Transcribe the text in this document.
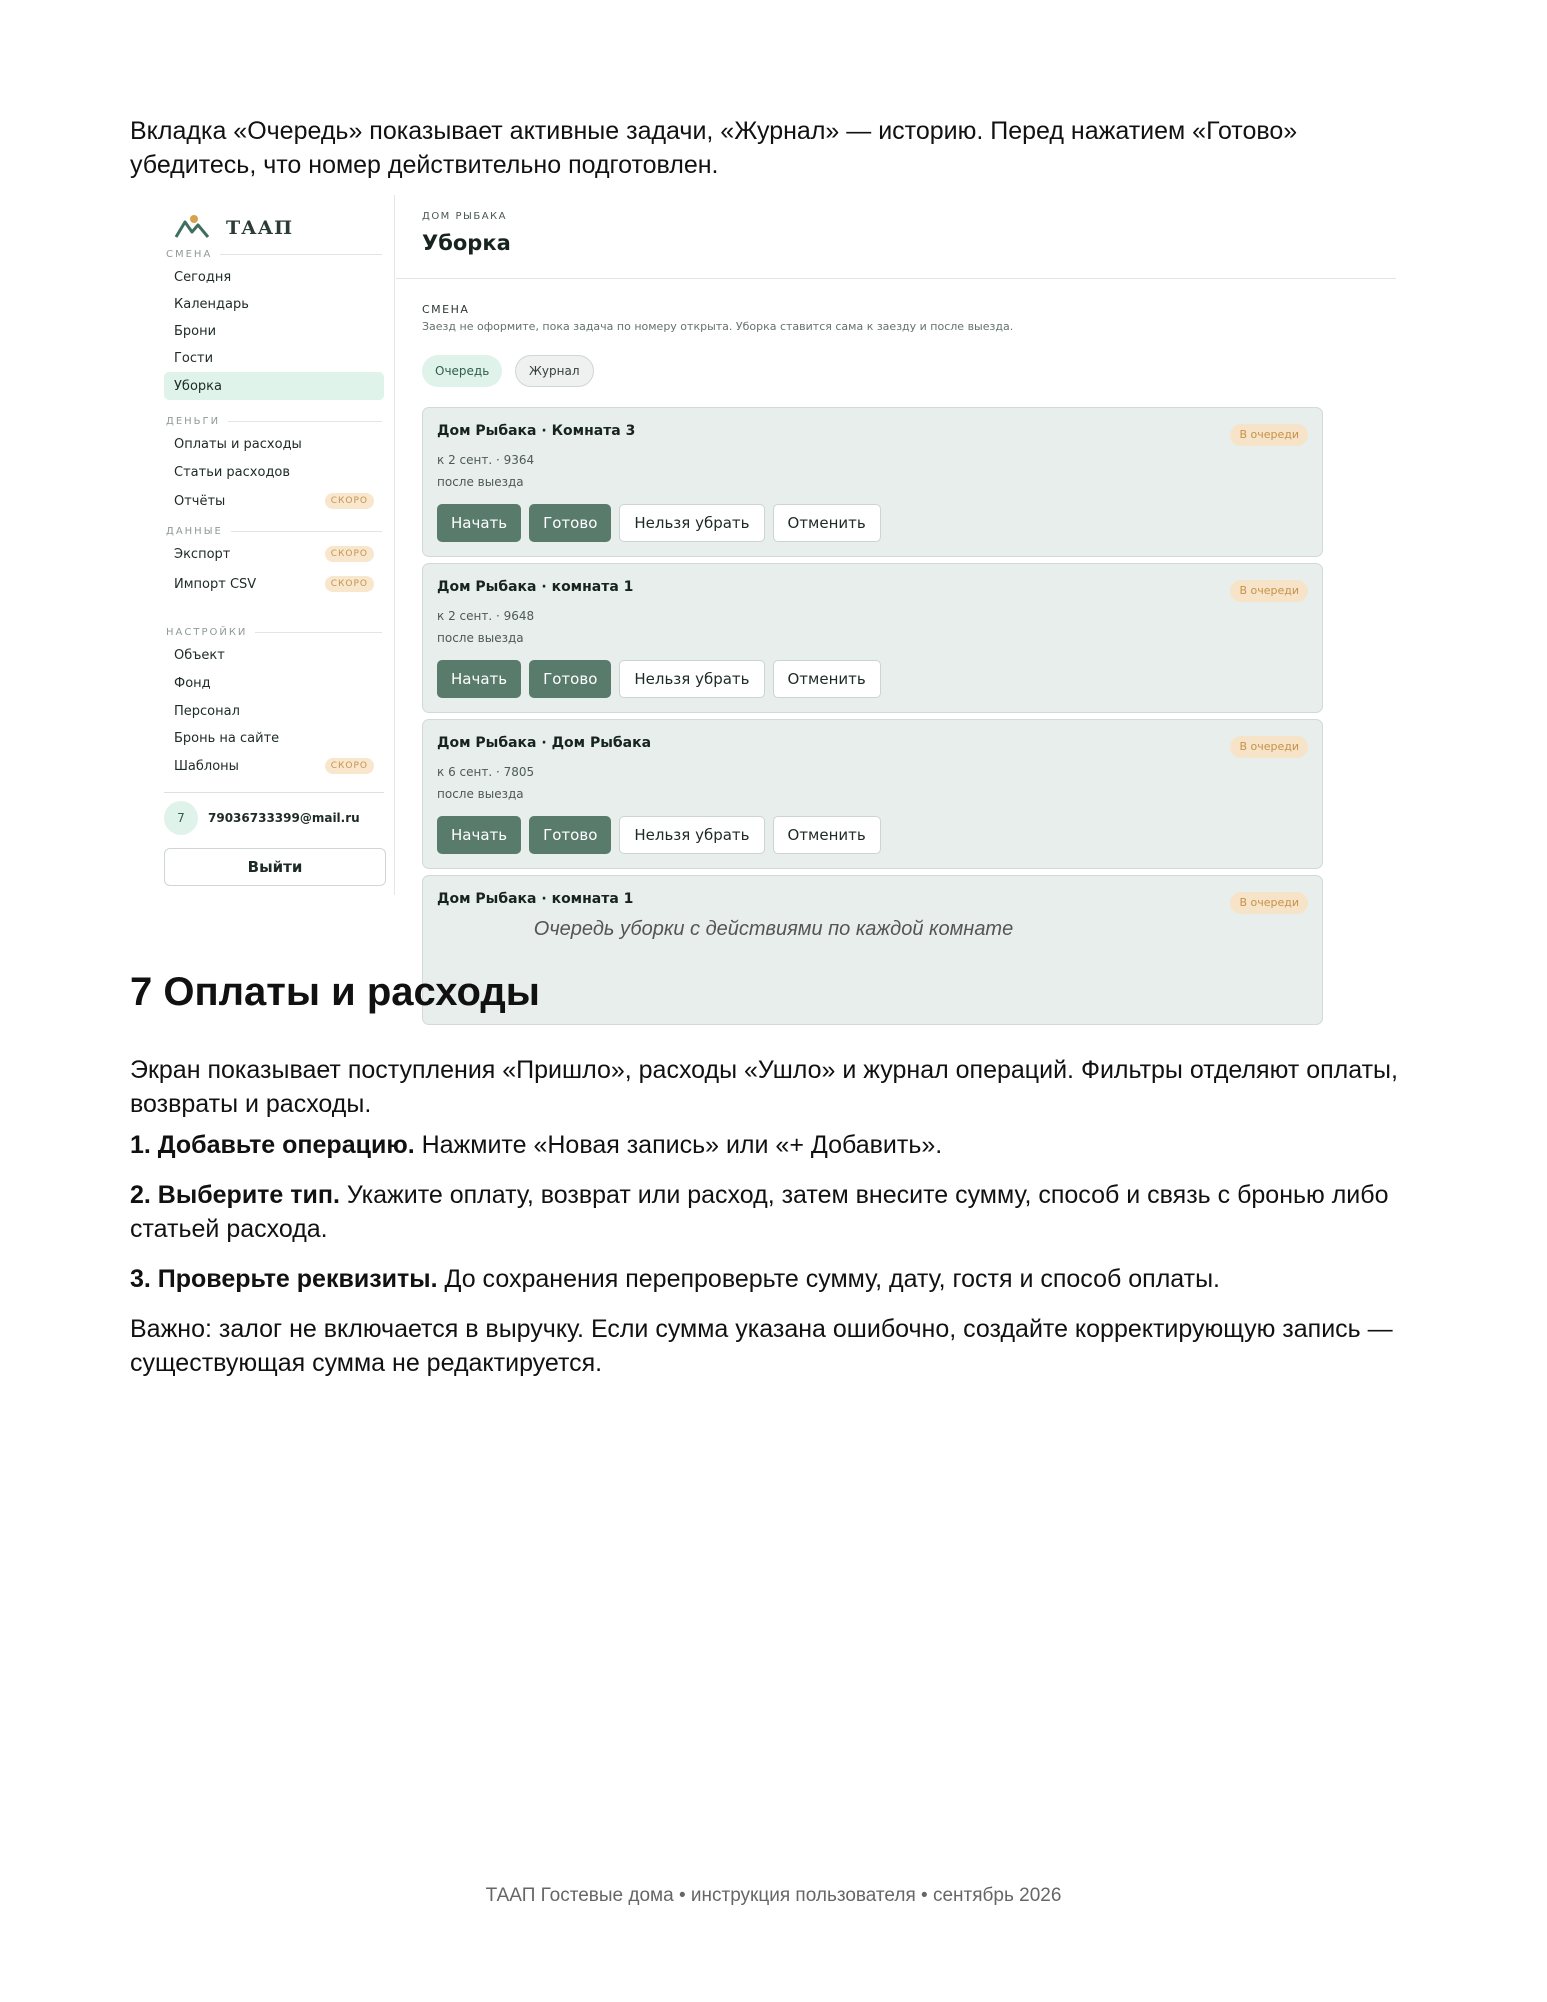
Вкладка «Очередь» показывает активные задачи, «Журнал» — историю. Перед нажатием «Готово» убедитесь, что номер действительно подготовлен.

ТААП
СМЕНА
Сегодня
Календарь
Брони
Гости
Уборка
ДЕНЬГИ
Оплаты и расходы
Статьи расходов
Отчёты	СКОРО
ДАННЫЕ
Экспорт	СКОРО
Импорт CSV	СКОРО
НАСТРОЙКИ
Объект
Фонд
Персонал
Бронь на сайте
Шаблоны	СКОРО
7	79036733399@mail.ru
Выйти
ДОМ РЫБАКА
Уборка
СМЕНА
Заезд не оформите, пока задача по номеру открыта. Уборка ставится сама к заезду и после выезда.
Очередь	Журнал
Дом Рыбака · Комната 3	В очереди
к 2 сент. · 9364
после выезда
Начать	Готово	Нельзя убрать	Отменить
Дом Рыбака · комната 1	В очереди
к 2 сент. · 9648
после выезда
Начать	Готово	Нельзя убрать	Отменить
Дом Рыбака · Дом Рыбака	В очереди
к 6 сент. · 7805
после выезда
Начать	Готово	Нельзя убрать	Отменить
Дом Рыбака · комната 1	В очереди
Очередь уборки с действиями по каждой комнате
7 Оплаты и расходы

Экран показывает поступления «Пришло», расходы «Ушло» и журнал операций. Фильтры отделяют оплаты, возвраты и расходы.

1. Добавьте операцию. Нажмите «Новая запись» или «+ Добавить».

2. Выберите тип. Укажите оплату, возврат или расход, затем внесите сумму, способ и связь с бронью либо статьей расхода.

3. Проверьте реквизиты. До сохранения перепроверьте сумму, дату, гостя и способ оплаты.

Важно: залог не включается в выручку. Если сумма указана ошибочно, создайте корректирующую запись — существующая сумма не редактируется.

ТААП Гостевые дома • инструкция пользователя • сентябрь 2026
